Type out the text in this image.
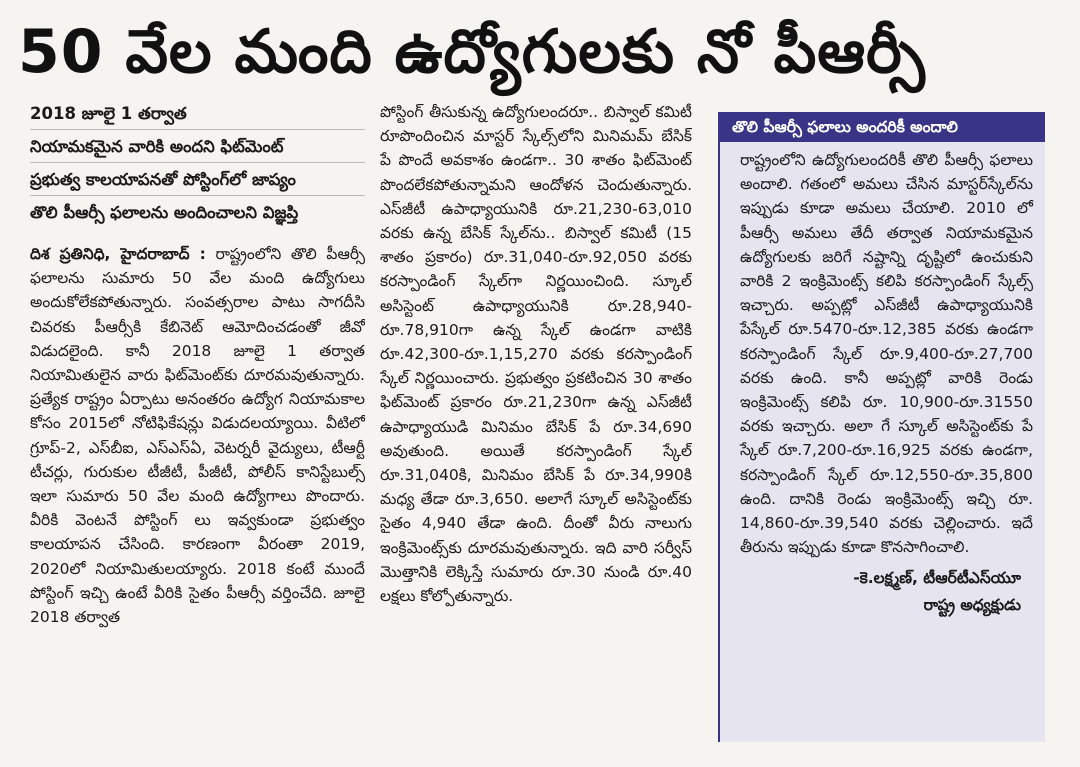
50 వేల మంది ఉద్యోగులకు నో పీఆర్సీ
2018 జూలై 1 తర్వాత
నియామకమైన వారికి అందని ఫిట్‌మెంట్
ప్రభుత్వ కాలయాపనతో పోస్టింగ్‌లో జాప్యం
తొలి పీఆర్సీ ఫలాలను అందించాలని విజ్ఞప్తి

దిశ ప్రతినిధి, హైదరాబాద్ : రాష్ట్రంలోని తొలి పీఆర్సీ ఫలాలను సుమారు 50 వేల మంది ఉద్యోగులు అందుకోలేకపోతున్నారు. సంవత్సరాల పాటు సాగదీసి చివరకు పీఆర్సీకి కేబినెట్ ఆమోదించడంతో జీవో విడుదలైంది. కానీ 2018 జూలై 1 తర్వాత నియామితులైన వారు ఫిట్‌మెంట్‌కు దూరమవుతున్నారు. ప్రత్యేక రాష్ట్రం ఏర్పాటు అనంతరం ఉద్యోగ నియామకాల కోసం 2015లో నోటిఫికేషన్లు విడుదలయ్యాయి. వీటిలో గ్రూప్-2, ఎస్‌బీఐ, ఎస్‌ఎస్‌ఏ, వెటర్నరీ వైద్యులు, టీఆర్టీ టీచర్లు, గురుకుల టీజీటీ, పీజీటీ, పోలీస్ కానిస్టేబుల్స్ ఇలా సుమారు 50 వేల మంది ఉద్యోగాలు పొందారు. వీరికి వెంటనే పోస్టింగ్ లు ఇవ్వకుండా ప్రభుత్వం కాలయాపన చేసింది. కారణంగా వీరంతా 2019, 2020లో నియామితులయ్యారు. 2018 కంటే ముందే పోస్టింగ్ ఇచ్చి ఉంటే వీరికి సైతం పీఆర్సీ వర్తించేది. జూలై 2018 తర్వాత

పోస్టింగ్ తీసుకున్న ఉద్యోగులందరూ.. బిస్వాల్ కమిటీ రూపొందించిన మాస్టర్ స్కేల్స్‌లోని మినిమమ్ బేసిక్ పే పొందే అవకాశం ఉండగా.. 30 శాతం ఫిట్‌మెంట్ పొందలేకపోతున్నామని ఆందోళన చెందుతున్నారు. ఎస్‌జీటీ ఉపాధ్యాయునికి రూ.21,230-63,010 వరకు ఉన్న బేసిక్ స్కేల్‌ను.. బిస్వాల్ కమిటీ (15 శాతం ప్రకారం) రూ.31,040-రూ.92,050 వరకు కరస్పాండింగ్ స్కేల్‌గా నిర్ణయించింది. స్కూల్ అసిస్టెంట్ ఉపాధ్యాయునికి రూ.28,940-రూ.78,910గా ఉన్న స్కేల్ ఉండగా వాటికి రూ.42,300-రూ.1,15,270 వరకు కరస్పాండింగ్ స్కేల్ నిర్ణయించారు. ప్రభుత్వం ప్రకటించిన 30 శాతం ఫిట్‌మెంట్ ప్రకారం రూ.21,230గా ఉన్న ఎస్‌జీటీ ఉపాధ్యాయుడి మినిమం బేసిక్ పే రూ.34,690 అవుతుంది. అయితే కరస్పాండింగ్ స్కేల్ రూ.31,040కి, మినిమం బేసిక్ పే రూ.34,990కి మధ్య తేడా రూ.3,650. అలాగే స్కూల్ అసిస్టెంట్‌కు సైతం 4,940 తేడా ఉంది. దీంతో వీరు నాలుగు ఇంక్రిమెంట్స్‌కు దూరమవుతున్నారు. ఇది వారి సర్వీస్ మొత్తానికి లెక్కిస్తే సుమారు రూ.30 నుండి రూ.40 లక్షలు కోల్పోతున్నారు.

తొలి పీఆర్సీ ఫలాలు అందరికీ అందాలి

రాష్ట్రంలోని ఉద్యోగులందరికీ తొలి పీఆర్సీ ఫలాలు అందాలి. గతంలో అమలు చేసిన మాస్టర్‌స్కేల్‌ను ఇప్పుడు కూడా అమలు చేయాలి. 2010 లో పీఆర్సీ అమలు తేదీ తర్వాత నియామకమైన ఉద్యోగులకు జరిగే నష్టాన్ని దృష్టిలో ఉంచుకుని వారికి 2 ఇంక్రిమెంట్స్ కలిపి కరస్పాండింగ్ స్కేల్స్ ఇచ్చారు. అప్పట్లో ఎస్‌జీటీ ఉపాధ్యాయునికి పేస్కేల్ రూ.5470-రూ.12,385 వరకు ఉండగా కరస్పాండింగ్ స్కేల్ రూ.9,400-రూ.27,700 వరకు ఉంది. కానీ అప్పట్లో వారికి రెండు ఇంక్రిమెంట్స్ కలిపి రూ. 10,900-రూ.31550 వరకు ఇచ్చారు. అలా గే స్కూల్ అసిస్టెంట్‌కు పే స్కేల్ రూ.7,200-రూ.16,925 వరకు ఉండగా, కరస్పాండింగ్ స్కేల్ రూ.12,550-రూ.35,800 ఉంది. దానికి రెండు ఇంక్రిమెంట్స్ ఇచ్చి రూ. 14,860-రూ.39,540 వరకు చెల్లించారు. ఇదే తీరును ఇప్పుడు కూడా కొనసాగించాలి.

-కె.లక్ష్మణ్, టీఆర్‌టీఎస్‌యూ
రాష్ట్ర అధ్యక్షుడు
